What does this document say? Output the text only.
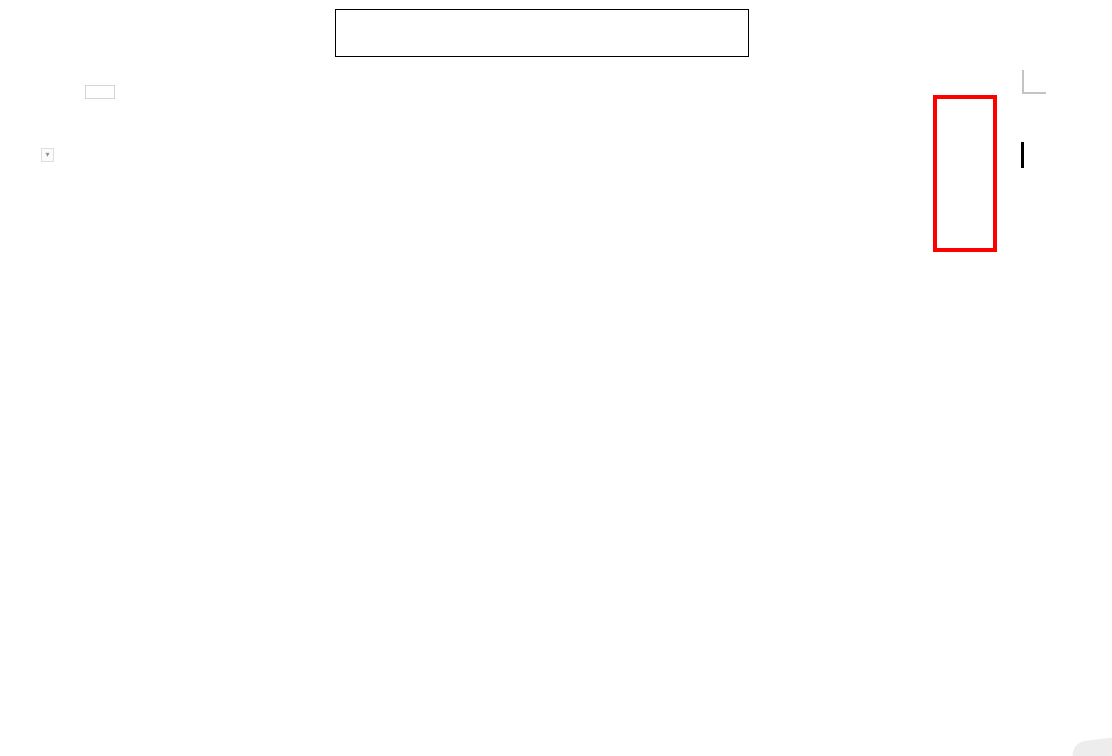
▾
